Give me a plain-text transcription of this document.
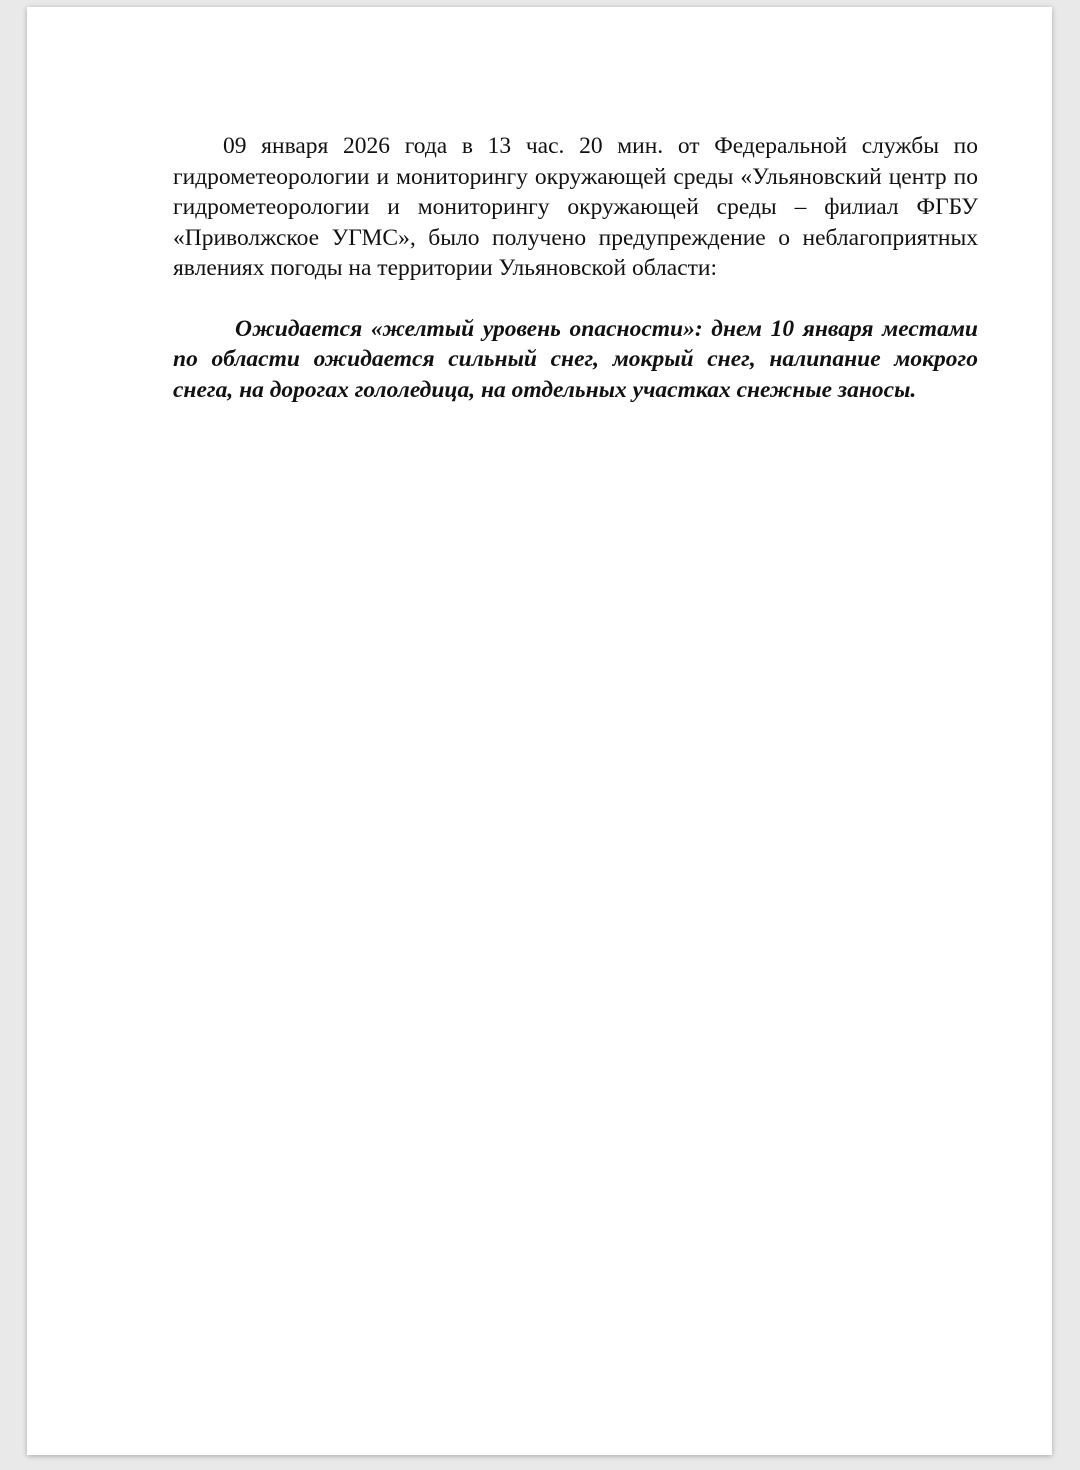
09 января 2026 года в 13 час. 20 мин. от Федеральной службы по гидрометеорологии и мониторингу окружающей среды «Ульяновский центр по гидрометеорологии и мониторингу окружающей среды – филиал ФГБУ «Приволжское УГМС», было получено предупреждение о неблагоприятных явлениях погоды на территории Ульяновской области:

Ожидается «желтый уровень опасности»: днем 10 января местами по области ожидается сильный снег, мокрый снег, налипание мокрого снега, на дорогах гололедица, на отдельных участках снежные заносы.
